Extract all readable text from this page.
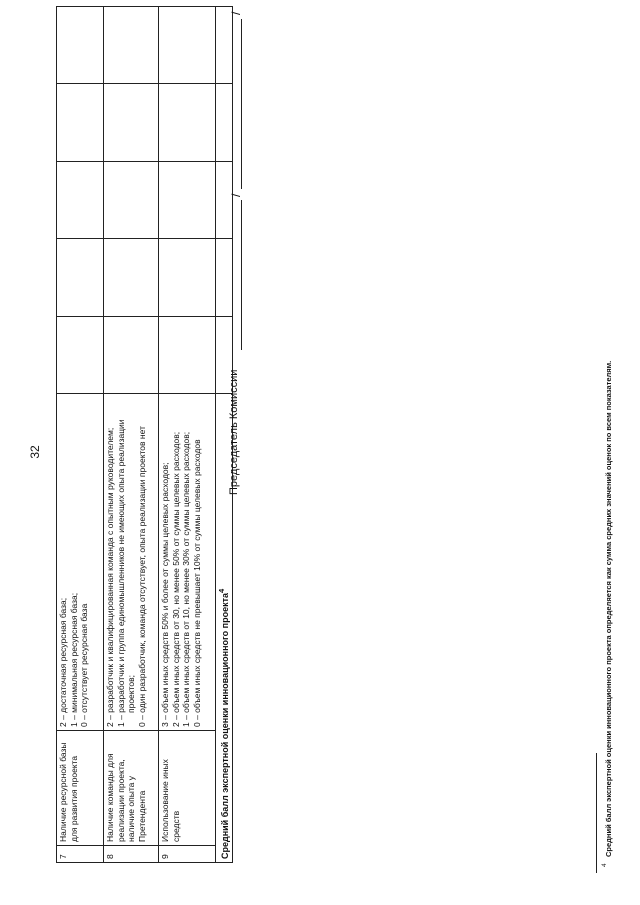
32
7	Наличие ресурсной базы для развития проекта	2 – достаточная ресурсная база; 1 – минимальная ресурсная база; 0 – отсутствует ресурсная база					

8	Наличие команды для реализации проекта, наличие опыта у Претендента	2 – разработчик и квалифицированная команда с опытным руководителем; 1 – разработчик и группа единомышленников не имеющих опыта реализации проектов; 0 – один разработчик, команда отсутствует, опыта реализации проектов нет					

9	Использование иных средств	3 – объем иных средств 50% и более от суммы целевых расходов; 2 – объем иных средств от 30, но менее 50% от суммы целевых расходов; 1 – объем иных средств от 10, но менее 30% от суммы целевых расходов; 0 – объем иных средств не превышает 10% от суммы целевых расходов					

Средний балл экспертной оценки инновационного проекта$^4$					
Председатель Комиссии
/
/
4
Средний балл экспертной оценки инновационного проекта определяется как сумма средних значений оценок по всем показателям.
